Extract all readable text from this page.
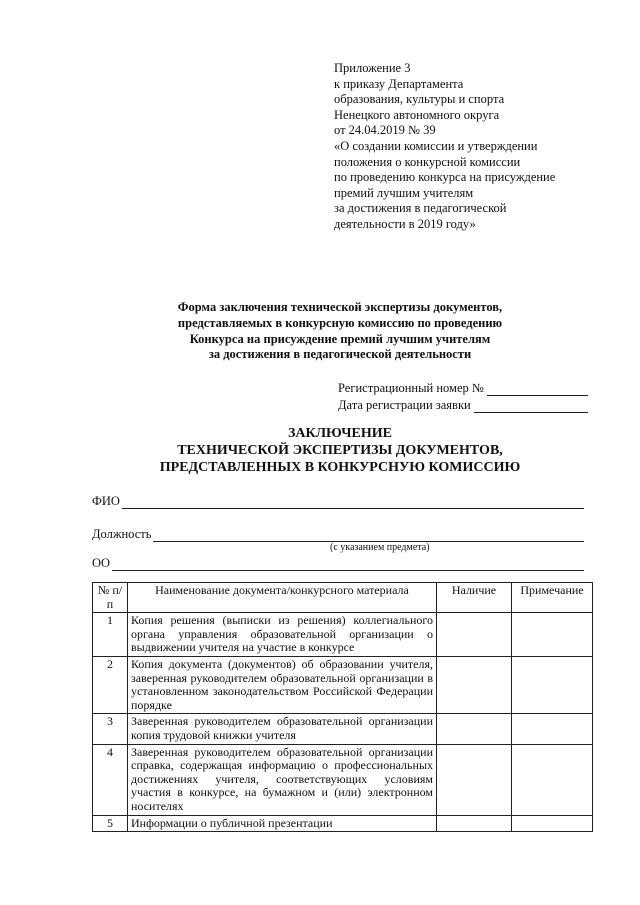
Приложение 3
к приказу Департамента
образования, культуры и спорта
Ненецкого автономного округа
от 24.04.2019 № 39
«О создании комиссии и утверждении
положения о конкурсной комиссии
по проведению конкурса на присуждение
премий лучшим учителям
за достижения в педагогической
деятельности в 2019 году»
Форма заключения технической экспертизы документов,
представляемых в конкурсную комиссию по проведению
Конкурса на присуждение премий лучшим учителям
за достижения в педагогической деятельности
Регистрационный номер №
Дата регистрации заявки
ЗАКЛЮЧЕНИЕ
ТЕХНИЧЕСКОЙ ЭКСПЕРТИЗЫ ДОКУМЕНТОВ,
ПРЕДСТАВЛЕННЫХ В КОНКУРСНУЮ КОМИССИЮ
ФИО
Должность
(с указанием предмета)
ОО
№ п/п	Наименование документа/конкурсного материала	Наличие	Примечание
1	Копия решения (выписки из решения) коллегиального органа управления образовательной организации о выдвижении учителя на участие в конкурсе		
2	Копия документа (документов) об образовании учителя, заверенная руководителем образовательной организации в установленном законодательством Российской Федерации порядке		
3	Заверенная руководителем образовательной организации копия трудовой книжки учителя		
4	Заверенная руководителем образовательной организации справка, содержащая информацию о профессиональных достижениях учителя, соответствующих условиям участия в конкурсе, на бумажном и (или) электронном носителях		
5	Информации о публичной презентации		
